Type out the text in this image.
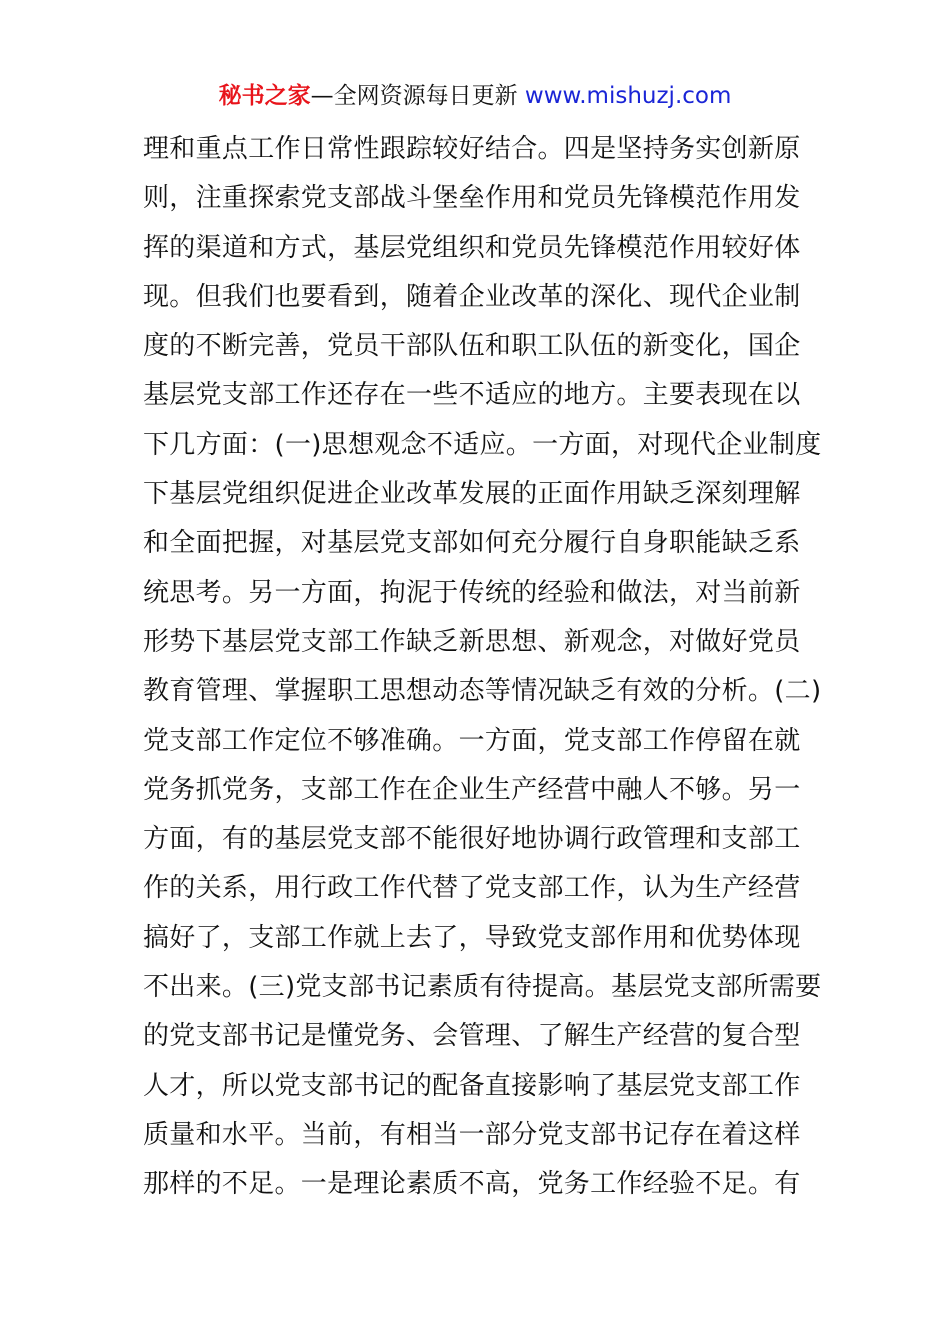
秘书之家—全网资源每日更新 www.mishuzj.com
理和重点工作日常性跟踪较好结合。四是坚持务实创新原
则，注重探索党支部战斗堡垒作用和党员先锋模范作用发
挥的渠道和方式，基层党组织和党员先锋模范作用较好体
现。但我们也要看到，随着企业改革的深化、现代企业制
度的不断完善，党员干部队伍和职工队伍的新变化，国企
基层党支部工作还存在一些不适应的地方。主要表现在以
下几方面：(一)思想观念不适应。一方面，对现代企业制度
下基层党组织促进企业改革发展的正面作用缺乏深刻理解
和全面把握，对基层党支部如何充分履行自身职能缺乏系
统思考。另一方面，拘泥于传统的经验和做法，对当前新
形势下基层党支部工作缺乏新思想、新观念，对做好党员
教育管理、掌握职工思想动态等情况缺乏有效的分析。(二)
党支部工作定位不够准确。一方面，党支部工作停留在就
党务抓党务，支部工作在企业生产经营中融人不够。另一
方面，有的基层党支部不能很好地协调行政管理和支部工
作的关系，用行政工作代替了党支部工作，认为生产经营
搞好了，支部工作就上去了，导致党支部作用和优势体现
不出来。(三)党支部书记素质有待提高。基层党支部所需要
的党支部书记是懂党务、会管理、了解生产经营的复合型
人才，所以党支部书记的配备直接影响了基层党支部工作
质量和水平。当前，有相当一部分党支部书记存在着这样
那样的不足。一是理论素质不高，党务工作经验不足。有
